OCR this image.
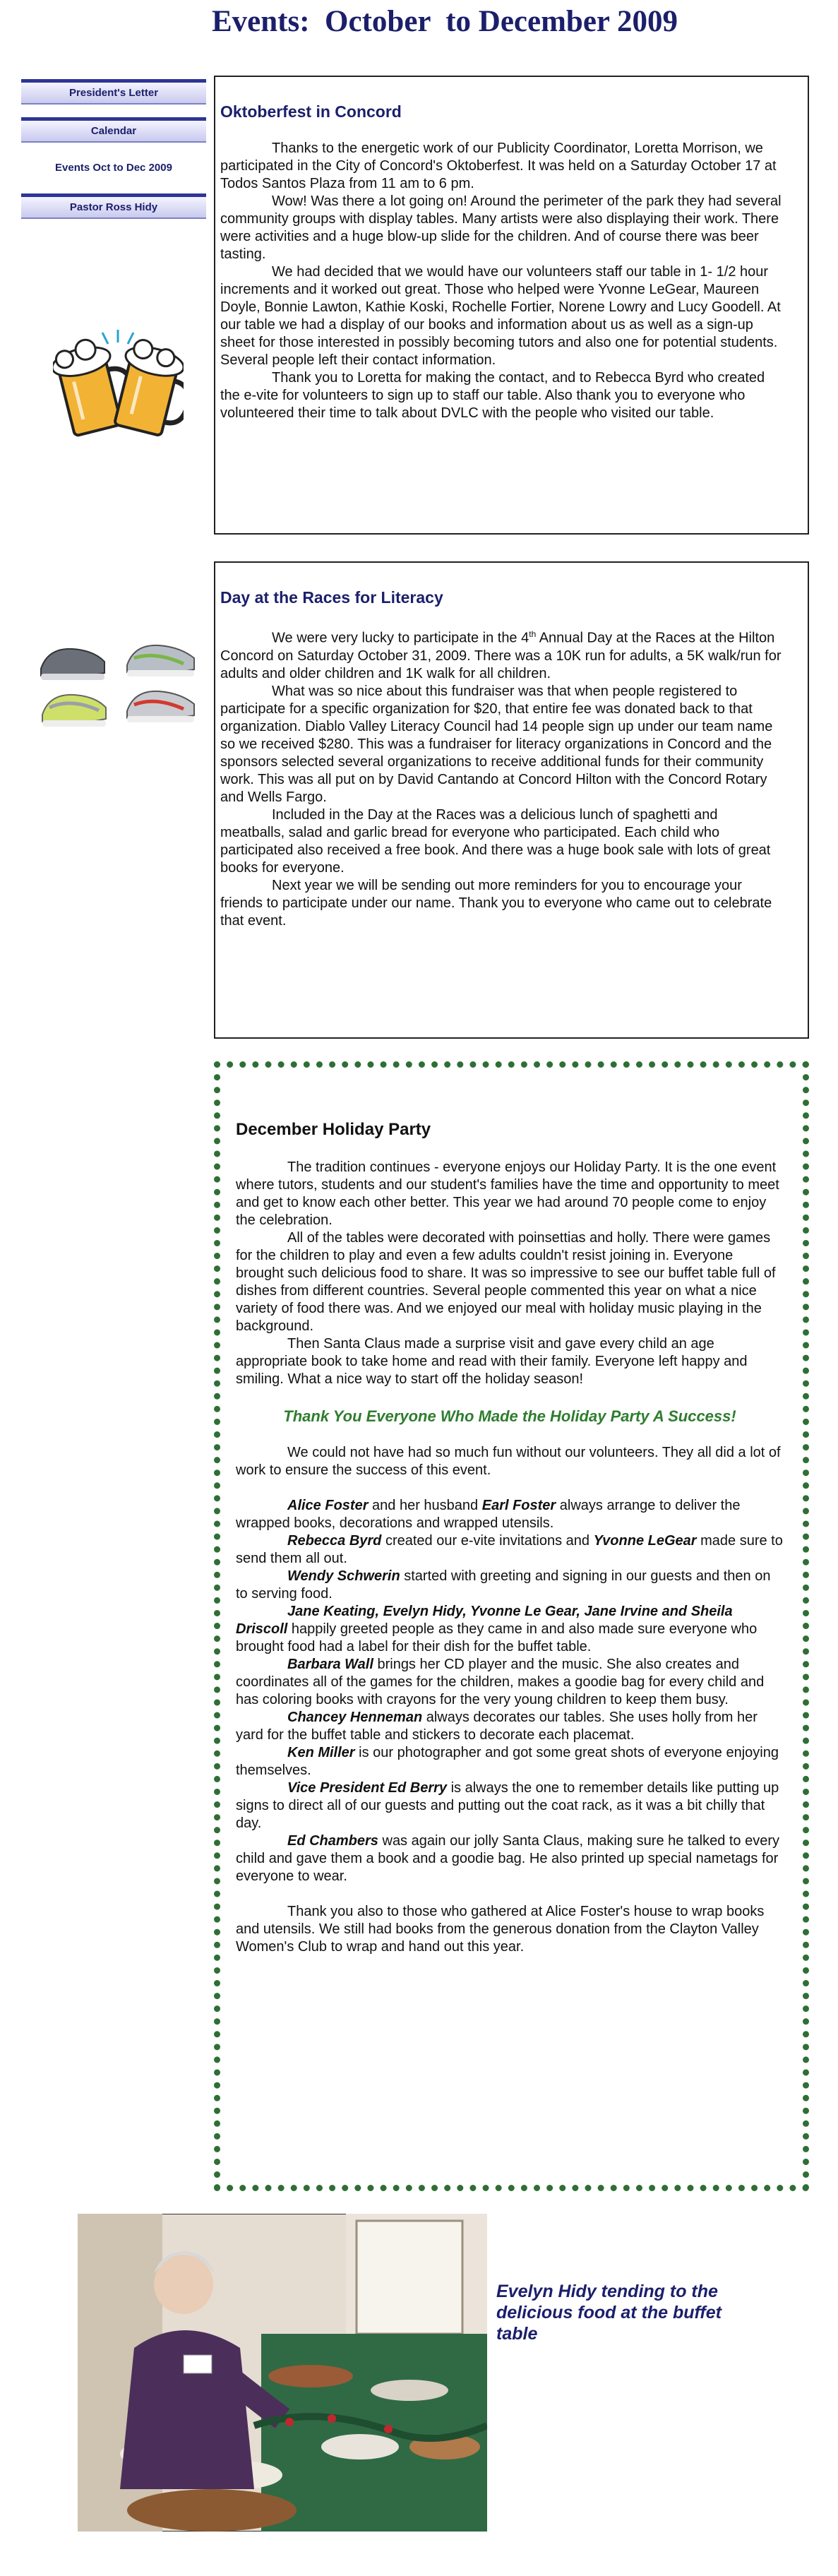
Events:  October  to December 2009
President's Letter
Calendar
Events Oct to Dec 2009
Pastor Ross Hidy
Oktoberfest in Concord

Thanks to the energetic work of our Publicity Coordinator, Loretta Morrison, we participated in the City of Concord's Oktoberfest. It was held on a Saturday October 17 at Todos Santos Plaza from 11 am to 6 pm.

Wow! Was there a lot going on! Around the perimeter of the park they had several community groups with display tables. Many artists were also displaying their work. There were activities and a huge blow-up slide for the children. And of course there was beer tasting.

We had decided that we would have our volunteers staff our table in 1- 1/2 hour increments and it worked out great. Those who helped were Yvonne LeGear, Maureen Doyle, Bonnie Lawton, Kathie Koski, Rochelle Fortier, Norene Lowry and Lucy Goodell. At our table we had a display of our books and information about us as well as a sign-up sheet for those interested in possibly becoming tutors and also one for potential students. Several people left their contact information.

Thank you to Loretta for making the contact, and to Rebecca Byrd who created the e-vite for volunteers to sign up to staff our table. Also thank you to everyone who volunteered their time to talk about DVLC with the people who visited our table.

Day at the Races for Literacy

We were very lucky to participate in the 4th Annual Day at the Races at the Hilton Concord on Saturday October 31, 2009. There was a 10K run for adults, a 5K walk/run for adults and older children and 1K walk for all children.

What was so nice about this fundraiser was that when people registered to participate for a specific organization for $20, that entire fee was donated back to that organization. Diablo Valley Literacy Council had 14 people sign up under our team name so we received $280. This was a fundraiser for literacy organizations in Concord and the sponsors selected several organizations to receive additional funds for their community work. This was all put on by David Cantando at Concord Hilton with the Concord Rotary and Wells Fargo.

Included in the Day at the Races was a delicious lunch of spaghetti and meatballs, salad and garlic bread for everyone who participated. Each child who participated also received a free book. And there was a huge book sale with lots of great books for everyone.

Next year we will be sending out more reminders for you to encourage your friends to participate under our name. Thank you to everyone who came out to celebrate that event.

December Holiday Party

The tradition continues - everyone enjoys our Holiday Party. It is the one event where tutors, students and our student's families have the time and opportunity to meet and get to know each other better. This year we had around 70 people come to enjoy the celebration.

All of the tables were decorated with poinsettias and holly. There were games for the children to play and even a few adults couldn't resist joining in. Everyone brought such delicious food to share. It was so impressive to see our buffet table full of dishes from different countries. Several people commented this year on what a nice variety of food there was. And we enjoyed our meal with holiday music playing in the background.

Then Santa Claus made a surprise visit and gave every child an age appropriate book to take home and read with their family. Everyone left happy and smiling. What a nice way to start off the holiday season!

Thank You Everyone Who Made the Holiday Party A Success!

We could not have had so much fun without our volunteers. They all did a lot of work to ensure the success of this event.

Alice Foster and her husband Earl Foster always arrange to deliver the wrapped books, decorations and wrapped utensils.

Rebecca Byrd created our e-vite invitations and Yvonne LeGear made sure to send them all out.

Wendy Schwerin started with greeting and signing in our guests and then on to serving food.

Jane Keating, Evelyn Hidy, Yvonne Le Gear, Jane Irvine and Sheila Driscoll happily greeted people as they came in and also made sure everyone who brought food had a label for their dish for the buffet table.

Barbara Wall brings her CD player and the music. She also creates and coordinates all of the games for the children, makes a goodie bag for every child and has coloring books with crayons for the very young children to keep them busy.

Chancey Henneman always decorates our tables. She uses holly from her yard for the buffet table and stickers to decorate each placemat.

Ken Miller is our photographer and got some great shots of everyone enjoying themselves.

Vice President Ed Berry is always the one to remember details like putting up signs to direct all of our guests and putting out the coat rack, as it was a bit chilly that day.

Ed Chambers was again our jolly Santa Claus, making sure he talked to every child and gave them a book and a goodie bag. He also printed up special nametags for everyone to wear.

Thank you also to those who gathered at Alice Foster's house to wrap books and utensils. We still had books from the generous donation from the Clayton Valley Women's Club to wrap and hand out this year.

Evelyn Hidy tending to the delicious food at the buffet table
